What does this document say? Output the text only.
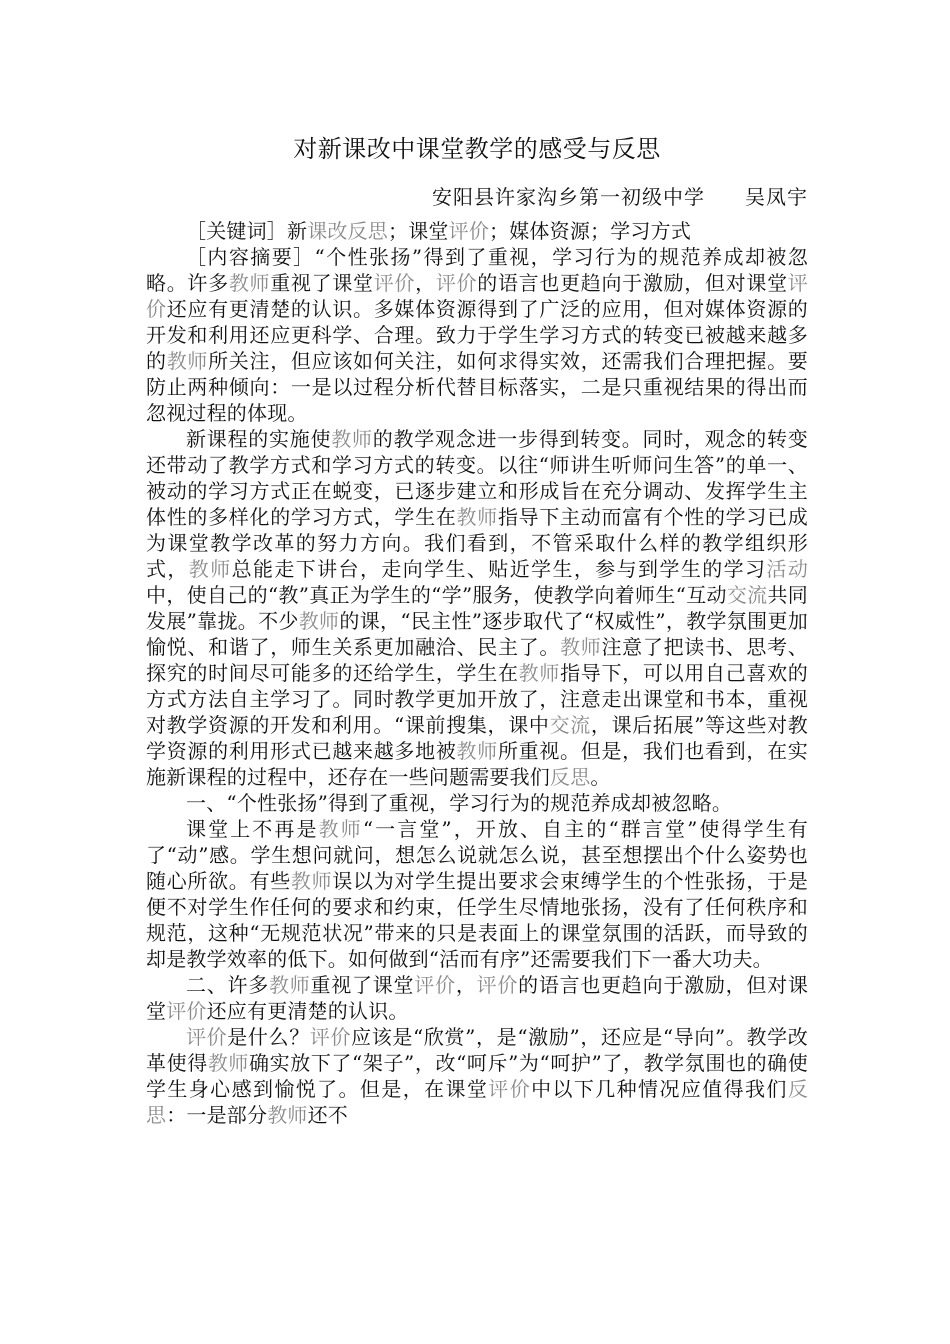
对新课改中课堂教学的感受与反思
安阳县许家沟乡第一初级中学 吴凤宇

［关键词］新课改反思；课堂评价；媒体资源；学习方式

［内容摘要］“个性张扬”得到了重视，学习行为的规范养成却被忽略。许多教师重视了课堂评价，评价的语言也更趋向于激励，但对课堂评价还应有更清楚的认识。多媒体资源得到了广泛的应用，但对媒体资源的开发和利用还应更科学、合理。致力于学生学习方式的转变已被越来越多的教师所关注，但应该如何关注，如何求得实效，还需我们合理把握。要防止两种倾向：一是以过程分析代替目标落实，二是只重视结果的得出而忽视过程的体现。

新课程的实施使教师的教学观念进一步得到转变。同时，观念的转变还带动了教学方式和学习方式的转变。以往“师讲生听师问生答”的单一、被动的学习方式正在蜕变，已逐步建立和形成旨在充分调动、发挥学生主体性的多样化的学习方式，学生在教师指导下主动而富有个性的学习已成为课堂教学改革的努力方向。我们看到，不管采取什么样的教学组织形式，教师总能走下讲台，走向学生、贴近学生，参与到学生的学习活动中，使自己的“教”真正为学生的“学”服务，使教学向着师生“互动交流共同发展”靠拢。不少教师的课，“民主性”逐步取代了“权威性”，教学氛围更加愉悦、和谐了，师生关系更加融洽、民主了。教师注意了把读书、思考、探究的时间尽可能多的还给学生，学生在教师指导下，可以用自己喜欢的方式方法自主学习了。同时教学更加开放了，注意走出课堂和书本，重视对教学资源的开发和利用。“课前搜集，课中交流，课后拓展”等这些对教学资源的利用形式已越来越多地被教师所重视。但是，我们也看到，在实施新课程的过程中，还存在一些问题需要我们反思。

一、“个性张扬”得到了重视，学习行为的规范养成却被忽略。

课堂上不再是教师“一言堂”，开放、自主的“群言堂”使得学生有了“动”感。学生想问就问，想怎么说就怎么说，甚至想摆出个什么姿势也随心所欲。有些教师误以为对学生提出要求会束缚学生的个性张扬，于是便不对学生作任何的要求和约束，任学生尽情地张扬，没有了任何秩序和规范，这种“无规范状况”带来的只是表面上的课堂氛围的活跃，而导致的却是教学效率的低下。如何做到“活而有序”还需要我们下一番大功夫。

二、许多教师重视了课堂评价，评价的语言也更趋向于激励，但对课堂评价还应有更清楚的认识。

评价是什么？评价应该是“欣赏”，是“激励”，还应是“导向”。教学改革使得教师确实放下了“架子”，改“呵斥”为“呵护”了，教学氛围也的确使学生身心感到愉悦了。但是，在课堂评价中以下几种情况应值得我们反思：一是部分教师还不
